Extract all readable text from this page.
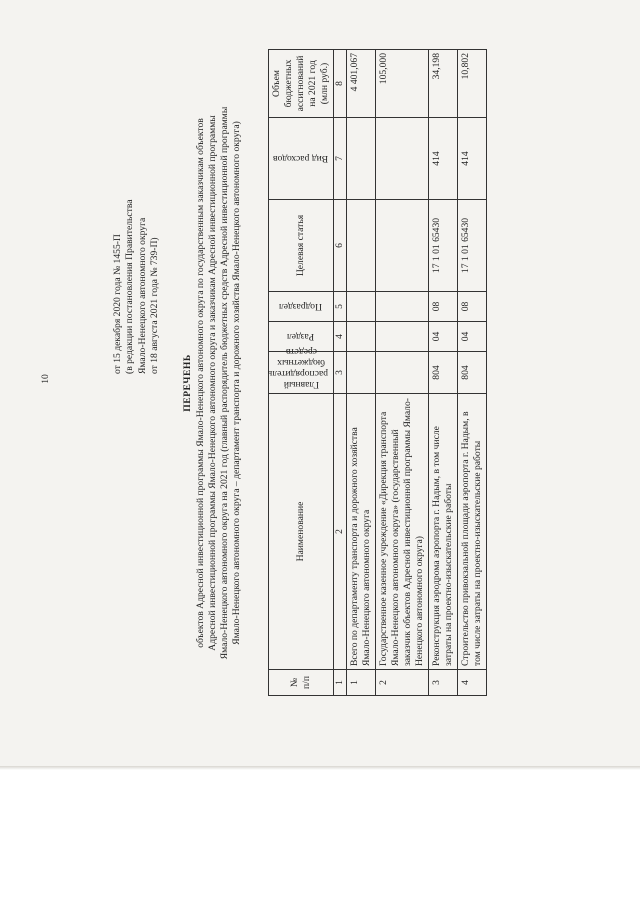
10
от 15 декабря 2020 года № 1455-П (в редакции постановления Правительства Ямало-Ненецкого автономного округа от 18 августа 2021 года № 739-П)
ПЕРЕЧЕНЬ объектов Адресной инвестиционной программы Ямало-Ненецкого автономного округа по государственным заказчикам объектов Адресной инвестиционной программы Ямало-Ненецкого автономного округа и заказчикам Адресной инвестиционной программы Ямало-Ненецкого автономного округа на 2021 год (главный распорядитель бюджетных средств Адресной инвестиционной программы Ямало-Ненецкого автономного округа – департамент транспорта и дорожного хозяйства Ямало-Ненецкого автономного округа)
№ п/п	Наименование	Главный распорядитель бюджетных средств	Раздел	Подраздел	Целевая статья	Вид расходов	Объем бюджетных ассигнований на 2021 год (млн руб.)
1	2	3	4	5	6	7	8
1	Всего по департаменту транспорта и дорожного хозяйства Ямало-Ненецкого автономного округа						4 401,067
2	Государственное казенное учреждение «Дирекция транспорта Ямало-Ненецкого автономного округа» (государственный заказчик объектов Адресной инвестиционной программы Ямало-Ненецкого автономного округа)						105,000
3	Реконструкция аэродрома аэропорта г. Надым, в том числе затраты на проектно-изыскательские работы	804	04	08	17 1 01 65430	414	34,198
4	Строительство привокзальной площади аэропорта г. Надым, в том числе затраты на проектно-изыскательские работы	804	04	08	17 1 01 65430	414	10,802
